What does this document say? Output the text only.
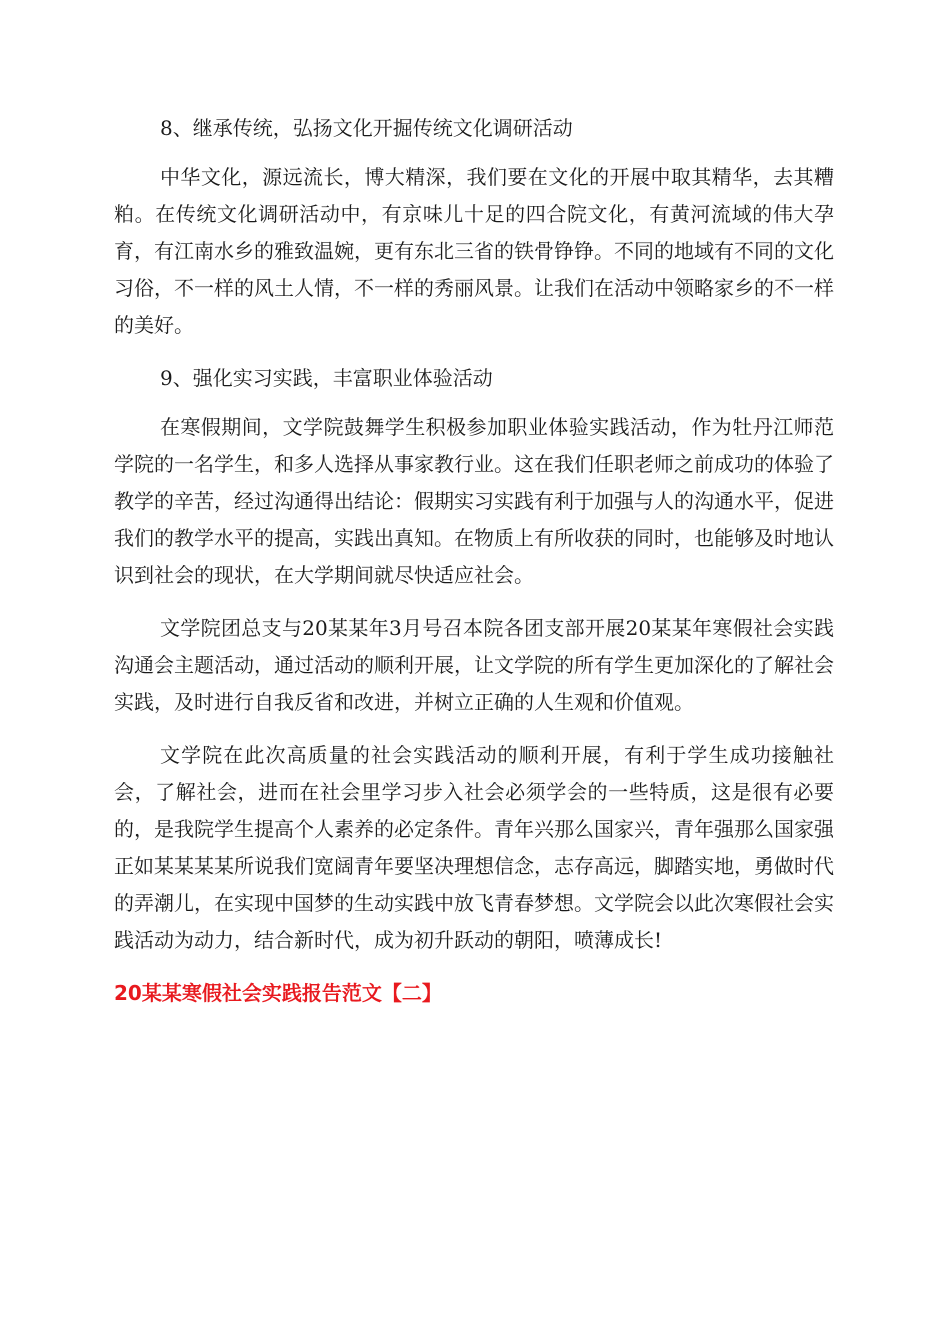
8、继承传统，弘扬文化开掘传统文化调研活动

中华文化，源远流长，博大精深，我们要在文化的开展中取其精华，去其糟粕。在传统文化调研活动中，有京味儿十足的四合院文化，有黄河流域的伟大孕育，有江南水乡的雅致温婉，更有东北三省的铁骨铮铮。不同的地域有不同的文化习俗，不一样的风土人情，不一样的秀丽风景。让我们在活动中领略家乡的不一样的美好。

9、强化实习实践，丰富职业体验活动

在寒假期间，文学院鼓舞学生积极参加职业体验实践活动，作为牡丹江师范学院的一名学生，和多人选择从事家教行业。这在我们任职老师之前成功的体验了教学的辛苦，经过沟通得出结论：假期实习实践有利于加强与人的沟通水平，促进我们的教学水平的提高，实践出真知。在物质上有所收获的同时，也能够及时地认识到社会的现状，在大学期间就尽快适应社会。

文学院团总支与20某某年3月号召本院各团支部开展20某某年寒假社会实践沟通会主题活动，通过活动的顺利开展，让文学院的所有学生更加深化的了解社会实践，及时进行自我反省和改进，并树立正确的人生观和价值观。

文学院在此次高质量的社会实践活动的顺利开展，有利于学生成功接触社会，了解社会，进而在社会里学习步入社会必须学会的一些特质，这是很有必要的，是我院学生提高个人素养的必定条件。青年兴那么国家兴，青年强那么国家强正如某某某某所说我们宽阔青年要坚决理想信念，志存高远，脚踏实地，勇做时代的弄潮儿，在实现中国梦的生动实践中放飞青春梦想。文学院会以此次寒假社会实践活动为动力，结合新时代，成为初升跃动的朝阳，喷薄成长!

20某某寒假社会实践报告范文【二】
